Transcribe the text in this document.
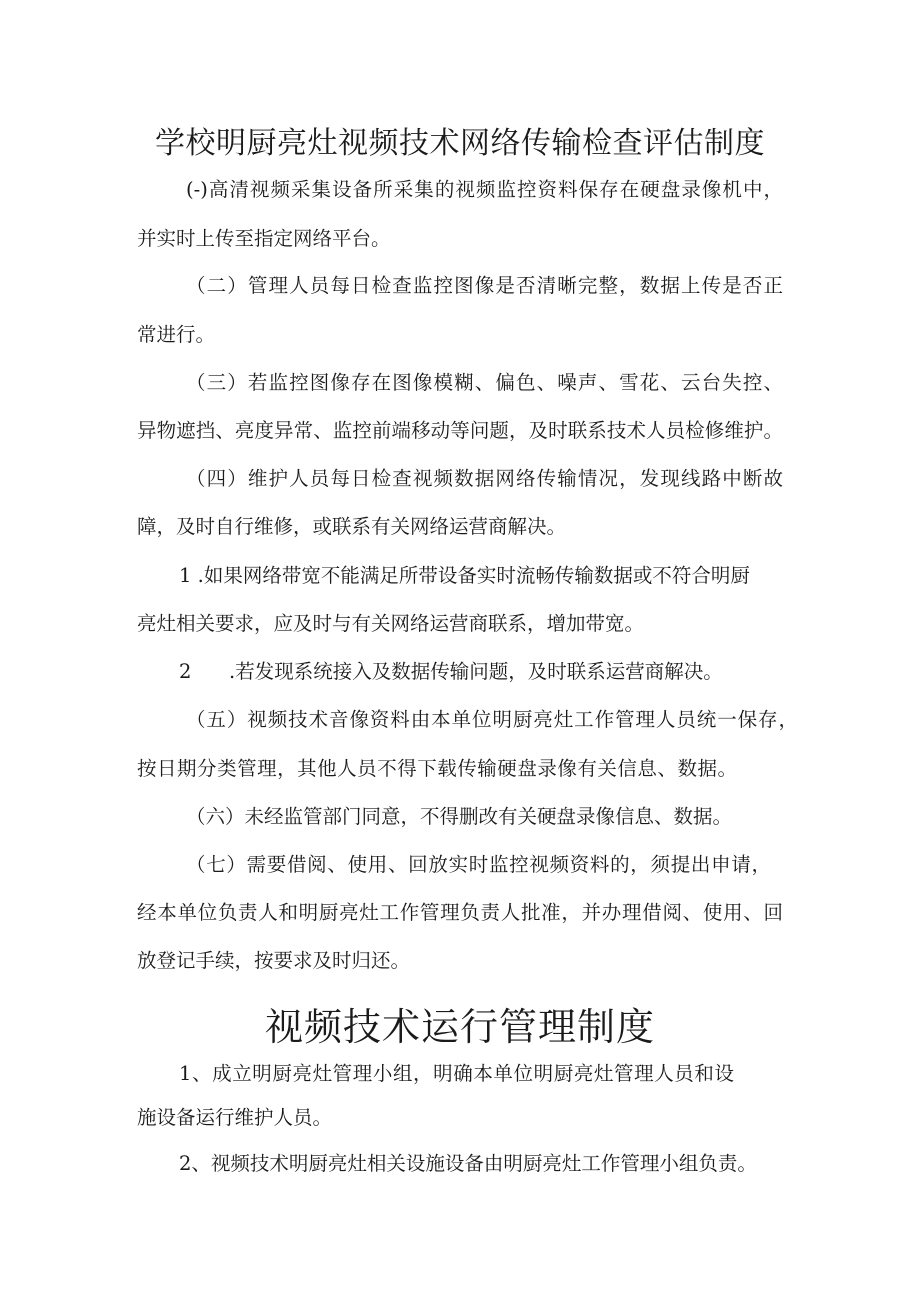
学校明厨亮灶视频技术网络传输检查评估制度

(-)高清视频采集设备所采集的视频监控资料保存在硬盘录像机中，

并实时上传至指定网络平台。

（二）管理人员每日检查监控图像是否清晰完整，数据上传是否正

常进行。

（三）若监控图像存在图像模糊、偏色、噪声、雪花、云台失控、

异物遮挡、亮度异常、监控前端移动等问题，及时联系技术人员检修维护。

（四）维护人员每日检查视频数据网络传输情况，发现线路中断故

障，及时自行维修，或联系有关网络运营商解决。

1 .如果网络带宽不能满足所带设备实时流畅传输数据或不符合明厨

亮灶相关要求，应及时与有关网络运营商联系，增加带宽。

2 .若发现系统接入及数据传输问题，及时联系运营商解决。

（五）视频技术音像资料由本单位明厨亮灶工作管理人员统一保存，

按日期分类管理，其他人员不得下载传输硬盘录像有关信息、数据。

（六）未经监管部门同意，不得删改有关硬盘录像信息、数据。

（七）需要借阅、使用、回放实时监控视频资料的，须提出申请，

经本单位负责人和明厨亮灶工作管理负责人批准，并办理借阅、使用、回

放登记手续，按要求及时归还。

视频技术运行管理制度

1、成立明厨亮灶管理小组，明确本单位明厨亮灶管理人员和设

施设备运行维护人员。

2、视频技术明厨亮灶相关设施设备由明厨亮灶工作管理小组负责。
